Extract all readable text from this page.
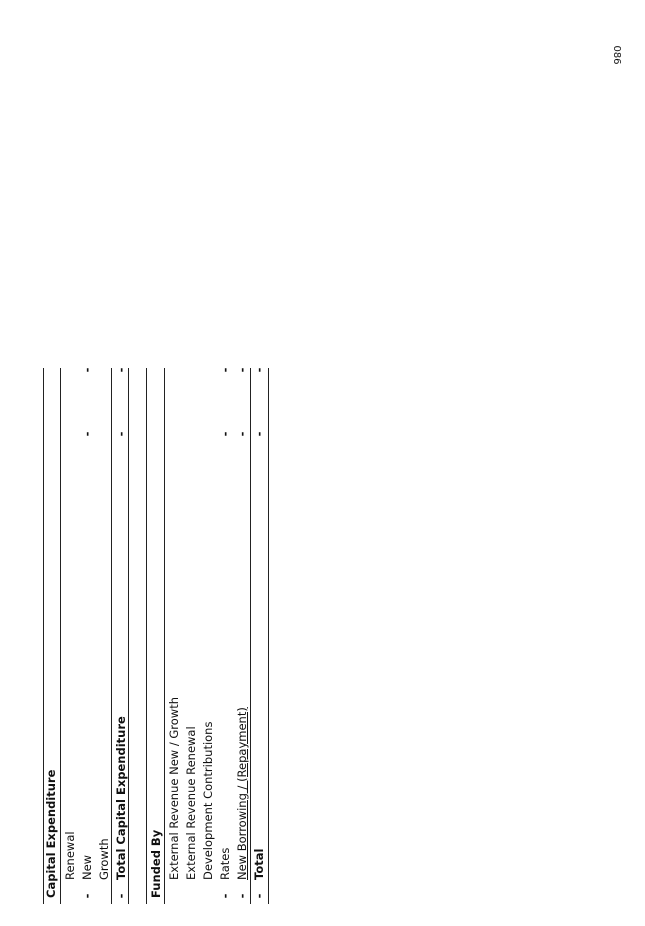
086
Capital Expenditure Renewal
-
New
-
-
Growth
-
Total Capital Expenditure
-
-
Funded By External Revenue New / Growth External Revenue Renewal Development Contributions
-
Rates
-
-
-
New Borrowing / (Repayment)
-
-
-
Total
-
-
